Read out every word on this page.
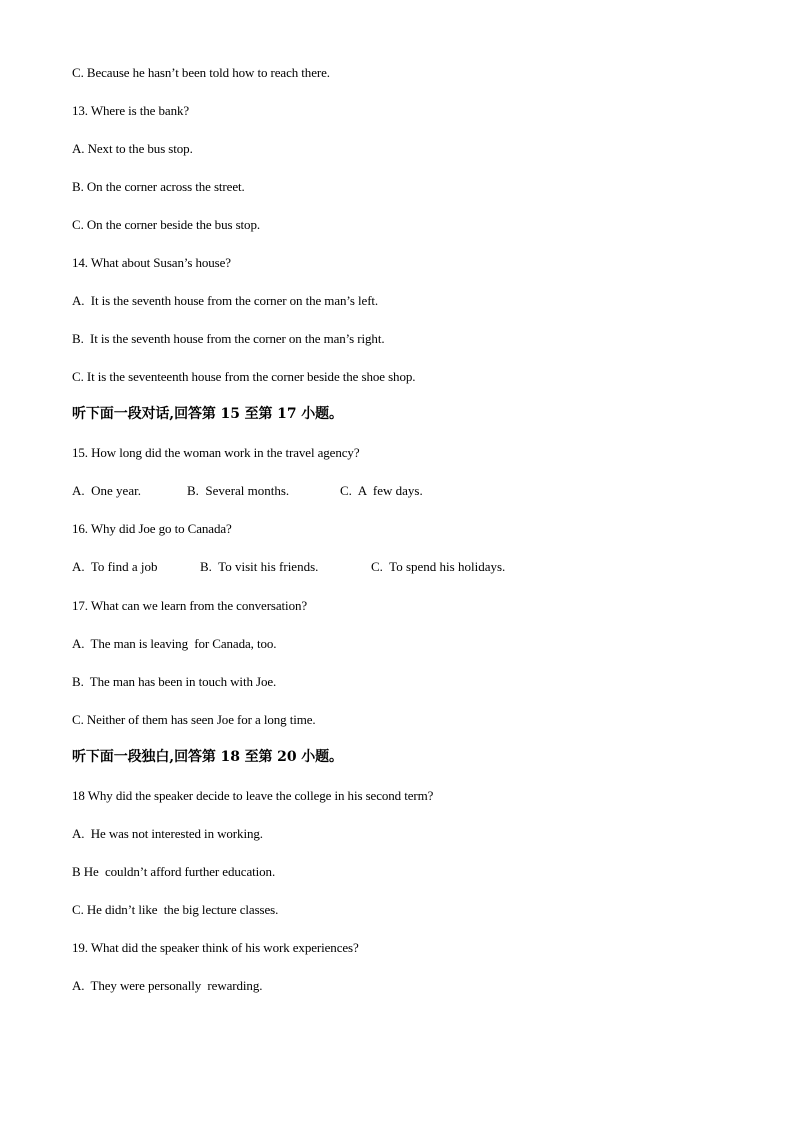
C. Because he hasn’t been told how to reach there.
13. Where is the bank?
A. Next to the bus stop.
B. On the corner across the street.
C. On the corner beside the bus stop.
14. What about Susan’s house?
A.  It is the seventh house from the corner on the man’s left.
B.  It is the seventh house from the corner on the man’s right.
C. It is the seventeenth house from the corner beside the shoe shop.
听下面一段对话,回答第 15 至第 17 小题。
15. How long did the woman work in the travel agency?
A.  One year.	B.  Several months.	C.  A  few days.
16. Why did Joe go to Canada?
A.  To find a job	B.  To visit his friends.	C.  To spend his holidays.
17. What can we learn from the conversation?
A.  The man is leaving  for Canada, too.
B.  The man has been in touch with Joe.
C. Neither of them has seen Joe for a long time.
听下面一段独白,回答第 18 至第 20 小题。
18 Why did the speaker decide to leave the college in his second term?
A.  He was not interested in working.
B He  couldn’t afford further education.
C. He didn’t like  the big lecture classes.
19. What did the speaker think of his work experiences?
A.  They were personally  rewarding.
